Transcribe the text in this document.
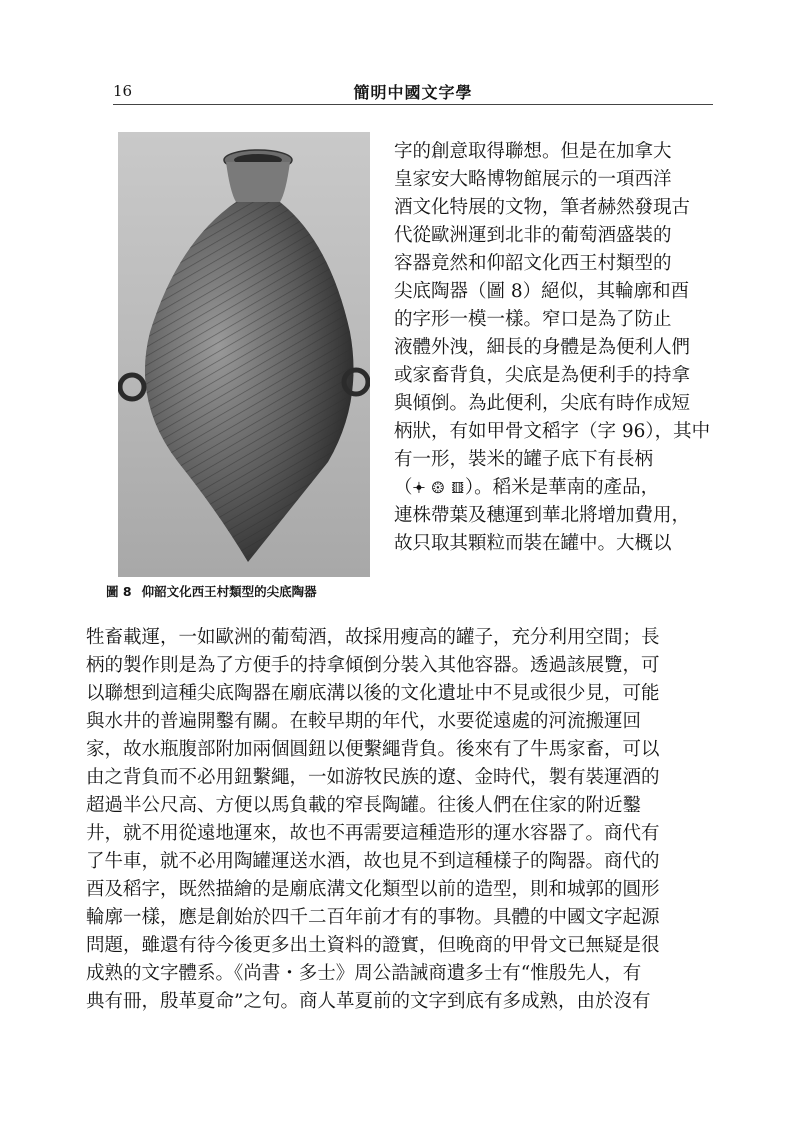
16	簡明中國文字學
圖 8 仰韶文化西王村類型的尖底陶器
字的創意取得聯想。但是在加拿大
皇家安大略博物館展示的一項西洋
酒文化特展的文物，筆者赫然發現古
代從歐洲運到北非的葡萄酒盛裝的
容器竟然和仰韶文化西王村類型的
尖底陶器（圖 8）絕似，其輪廓和酉
的字形一模一樣。窄口是為了防止
液體外洩，細長的身體是為便利人們
或家畜背負，尖底是為便利手的持拿
與傾倒。為此便利，尖底有時作成短
柄狀，有如甲骨文稻字（字 96），其中
有一形，裝米的罐子底下有長柄
（𖥔 𖥕 𖥖）。稻米是華南的產品，
連株帶葉及穗運到華北將增加費用，
故只取其顆粒而裝在罐中。大概以
牲畜載運，一如歐洲的葡萄酒，故採用瘦高的罐子，充分利用空間；長
柄的製作則是為了方便手的持拿傾倒分裝入其他容器。透過該展覽，可
以聯想到這種尖底陶器在廟底溝以後的文化遺址中不見或很少見，可能
與水井的普遍開鑿有關。在較早期的年代，水要從遠處的河流搬運回
家，故水瓶腹部附加兩個圓鈕以便繫繩背負。後來有了牛馬家畜，可以
由之背負而不必用鈕繫繩，一如游牧民族的遼、金時代，製有裝運酒的
超過半公尺高、方便以馬負載的窄長陶罐。往後人們在住家的附近鑿
井，就不用從遠地運來，故也不再需要這種造形的運水容器了。商代有
了牛車，就不必用陶罐運送水酒，故也見不到這種樣子的陶器。商代的
酉及稻字，既然描繪的是廟底溝文化類型以前的造型，則和城郭的圓形
輪廓一樣，應是創始於四千二百年前才有的事物。具體的中國文字起源
問題，雖還有待今後更多出土資料的證實，但晚商的甲骨文已無疑是很
成熟的文字體系。《尚書・多士》周公誥誡商遺多士有“惟殷先人，有
典有冊，殷革夏命”之句。商人革夏前的文字到底有多成熟，由於沒有
